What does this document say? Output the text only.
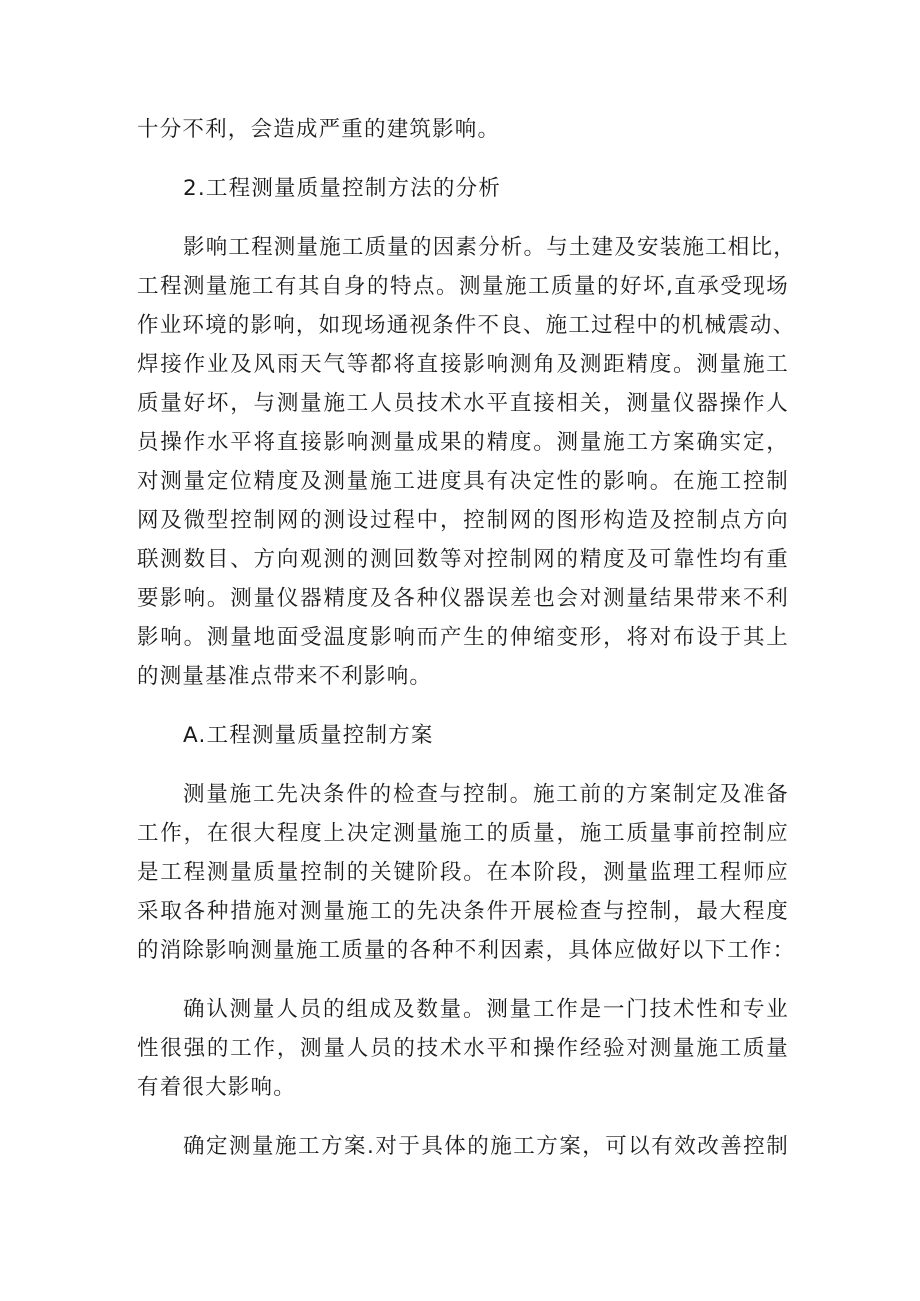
十分不利，会造成严重的建筑影响。
2.工程测量质量控制方法的分析
影响工程测量施工质量的因素分析。与土建及安装施工相比，
工程测量施工有其自身的特点。测量施工质量的好坏,直承受现场
作业环境的影响，如现场通视条件不良、施工过程中的机械震动、
焊接作业及风雨天气等都将直接影响测角及测距精度。测量施工
质量好坏，与测量施工人员技术水平直接相关，测量仪器操作人
员操作水平将直接影响测量成果的精度。测量施工方案确实定，
对测量定位精度及测量施工进度具有决定性的影响。在施工控制
网及微型控制网的测设过程中，控制网的图形构造及控制点方向
联测数目、方向观测的测回数等对控制网的精度及可靠性均有重
要影响。测量仪器精度及各种仪器误差也会对测量结果带来不利
影响。测量地面受温度影响而产生的伸缩变形，将对布设于其上
的测量基准点带来不利影响。
A.工程测量质量控制方案
测量施工先决条件的检查与控制。施工前的方案制定及准备
工作，在很大程度上决定测量施工的质量，施工质量事前控制应
是工程测量质量控制的关键阶段。在本阶段，测量监理工程师应
采取各种措施对测量施工的先决条件开展检查与控制，最大程度
的消除影响测量施工质量的各种不利因素，具体应做好以下工作：
确认测量人员的组成及数量。测量工作是一门技术性和专业
性很强的工作，测量人员的技术水平和操作经验对测量施工质量
有着很大影响。
确定测量施工方案.对于具体的施工方案，可以有效改善控制
